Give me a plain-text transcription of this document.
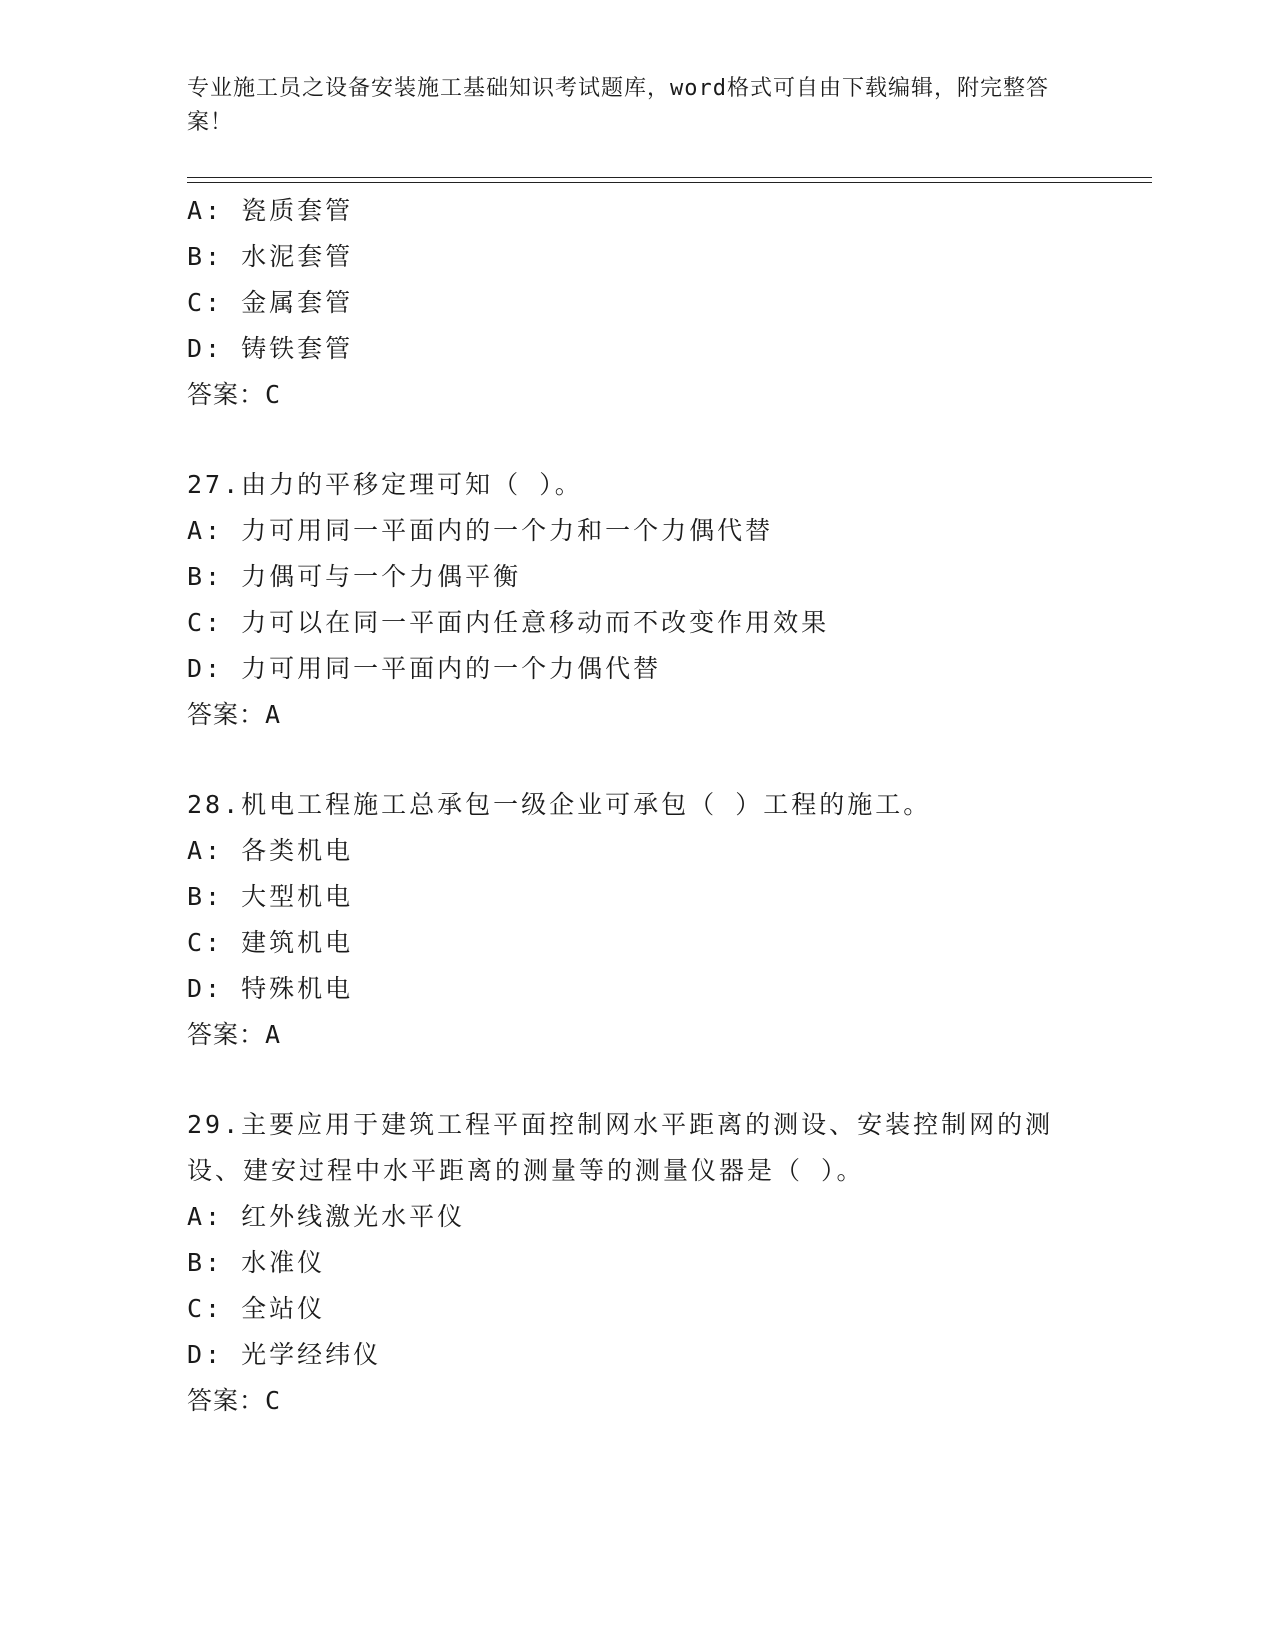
专业施工员之设备安装施工基础知识考试题库，word格式可自由下载编辑，附完整答案！
A: 瓷质套管
B: 水泥套管
C: 金属套管
D: 铸铁套管
答案：C
27.由力的平移定理可知（ ）。
A: 力可用同一平面内的一个力和一个力偶代替
B: 力偶可与一个力偶平衡
C: 力可以在同一平面内任意移动而不改变作用效果
D: 力可用同一平面内的一个力偶代替
答案：A
28.机电工程施工总承包一级企业可承包（ ）工程的施工。
A: 各类机电
B: 大型机电
C: 建筑机电
D: 特殊机电
答案：A
29.主要应用于建筑工程平面控制网水平距离的测设、安装控制网的测设、建安过程中水平距离的测量等的测量仪器是（ ）。
A: 红外线激光水平仪
B: 水准仪
C: 全站仪
D: 光学经纬仪
答案：C
